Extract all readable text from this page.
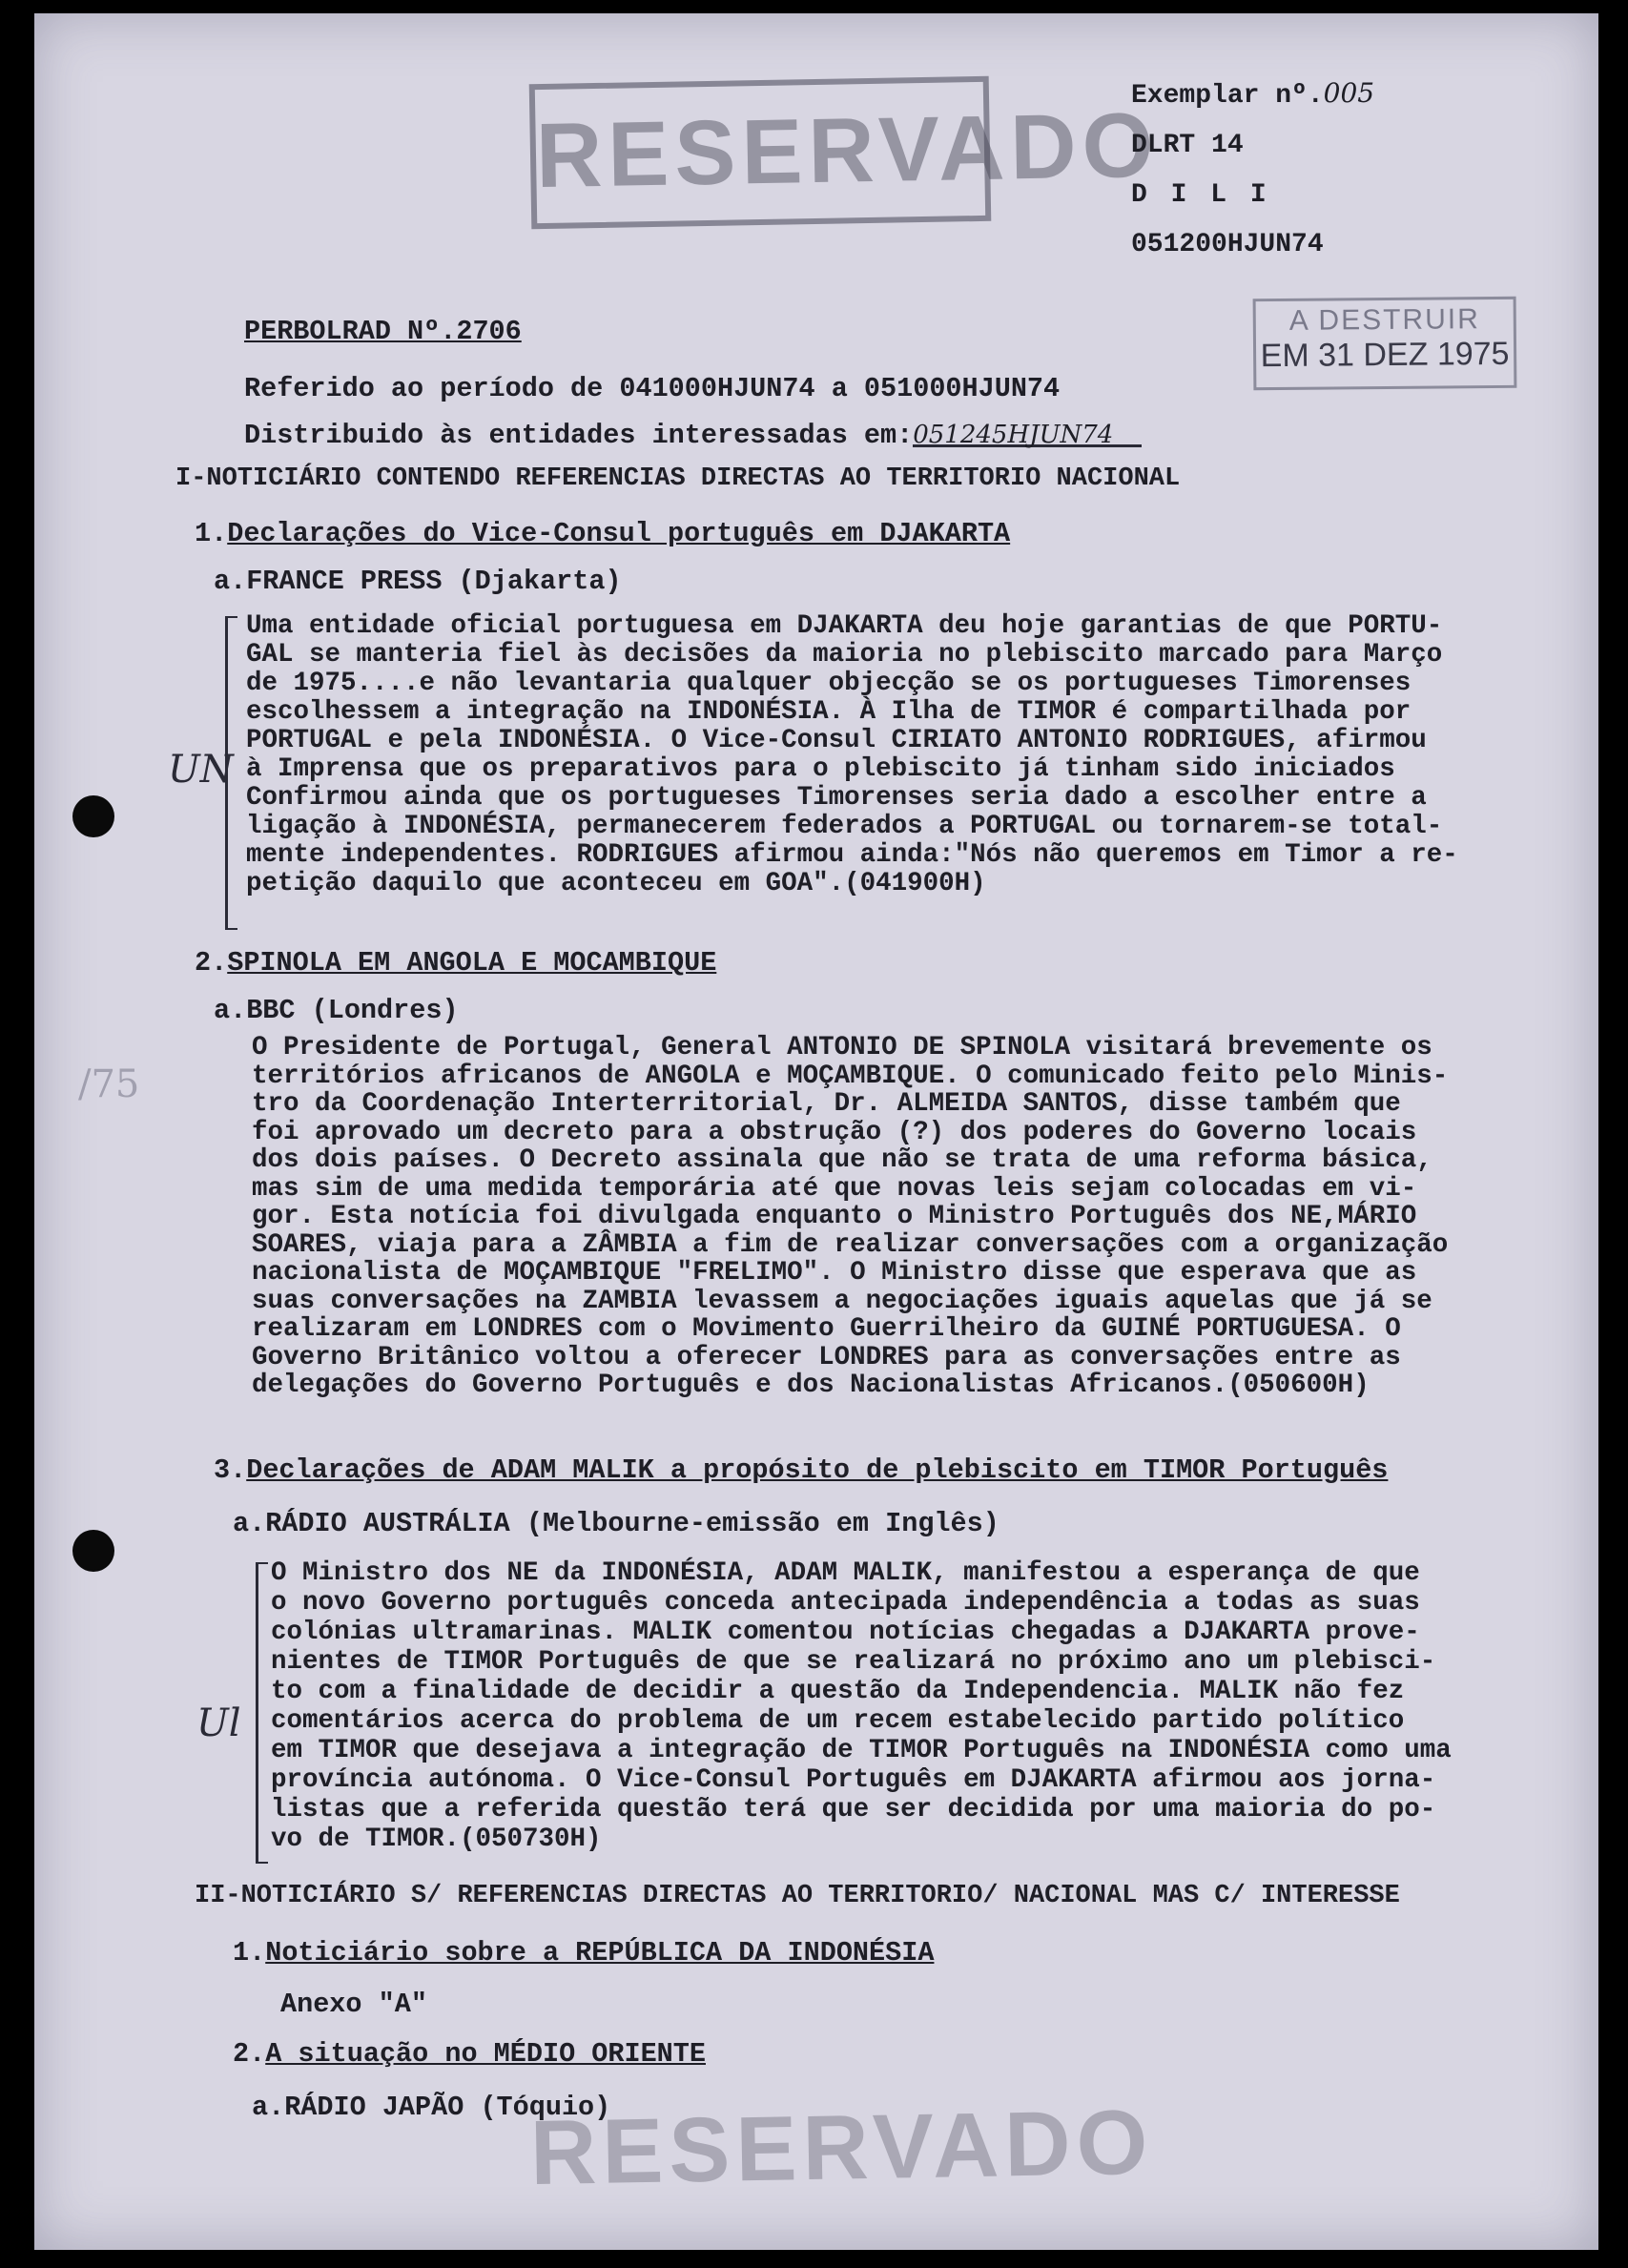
RESERVADO
Exemplar nº.005
DLRT 14
D I L I
051200HJUN74
A DESTRUIR
EM 31 DEZ 1975
PERBOLRAD Nº.2706
Referido ao período de 041000HJUN74 a 051000HJUN74
Distribuido às entidades interessadas em:051245HJUN74
I-NOTICIÁRIO CONTENDO REFERENCIAS DIRECTAS AO TERRITORIO NACIONAL
1.Declarações do Vice-Consul português em DJAKARTA
a.FRANCE PRESS (Djakarta)
UN
Uma entidade oficial portuguesa em DJAKARTA deu hoje garantias de que PORTU-
GAL se manteria fiel às decisões da maioria no plebiscito marcado para Março
de 1975....e não levantaria qualquer objecção se os portugueses Timorenses
escolhessem a integração na INDONÉSIA. À Ilha de TIMOR é compartilhada por
PORTUGAL e pela INDONÉSIA. O Vice-Consul CIRIATO ANTONIO RODRIGUES, afirmou
à Imprensa que os preparativos para o plebiscito já tinham sido iniciados
Confirmou ainda que os portugueses Timorenses seria dado a escolher entre a
ligação à INDONÉSIA, permanecerem federados a PORTUGAL ou tornarem-se total-
mente independentes. RODRIGUES afirmou ainda:"Nós não queremos em Timor a re-
petição daquilo que aconteceu em GOA".(041900H)
2.SPINOLA EM ANGOLA E MOCAMBIQUE
a.BBC (Londres)
/75
O Presidente de Portugal, General ANTONIO DE SPINOLA visitará brevemente os
territórios africanos de ANGOLA e MOÇAMBIQUE. O comunicado feito pelo Minis-
tro da Coordenação Interterritorial, Dr. ALMEIDA SANTOS, disse também que
foi aprovado um decreto para a obstrução (?) dos poderes do Governo locais
dos dois países. O Decreto assinala que não se trata de uma reforma básica,
mas sim de uma medida temporária até que novas leis sejam colocadas em vi-
gor. Esta notícia foi divulgada enquanto o Ministro Português dos NE,MÁRIO
SOARES, viaja para a ZÂMBIA a fim de realizar conversações com a organização
nacionalista de MOÇAMBIQUE "FRELIMO". O Ministro disse que esperava que as
suas conversações na ZAMBIA levassem a negociações iguais aquelas que já se
realizaram em LONDRES com o Movimento Guerrilheiro da GUINÉ PORTUGUESA. O
Governo Britânico voltou a oferecer LONDRES para as conversações entre as
delegações do Governo Português e dos Nacionalistas Africanos.(050600H)
3.Declarações de ADAM MALIK a propósito de plebiscito em TIMOR Português
a.RÁDIO AUSTRÁLIA (Melbourne-emissão em Inglês)
Ul
O Ministro dos NE da INDONÉSIA, ADAM MALIK, manifestou a esperança de que
o novo Governo português conceda antecipada independência a todas as suas
colónias ultramarinas. MALIK comentou notícias chegadas a DJAKARTA prove-
nientes de TIMOR Português de que se realizará no próximo ano um plebisci-
to com a finalidade de decidir a questão da Independencia. MALIK não fez
comentários acerca do problema de um recem estabelecido partido político
em TIMOR que desejava a integração de TIMOR Português na INDONÉSIA como uma
província autónoma. O Vice-Consul Português em DJAKARTA afirmou aos jorna-
listas que a referida questão terá que ser decidida por uma maioria do po-
vo de TIMOR.(050730H)
II-NOTICIÁRIO S/ REFERENCIAS DIRECTAS AO TERRITORIO/ NACIONAL MAS C/ INTERESSE
1.Noticiário sobre a REPÚBLICA DA INDONÉSIA
Anexo "A"
2.A situação no MÉDIO ORIENTE
a.RÁDIO JAPÃO (Tóquio)
RESERVADO
